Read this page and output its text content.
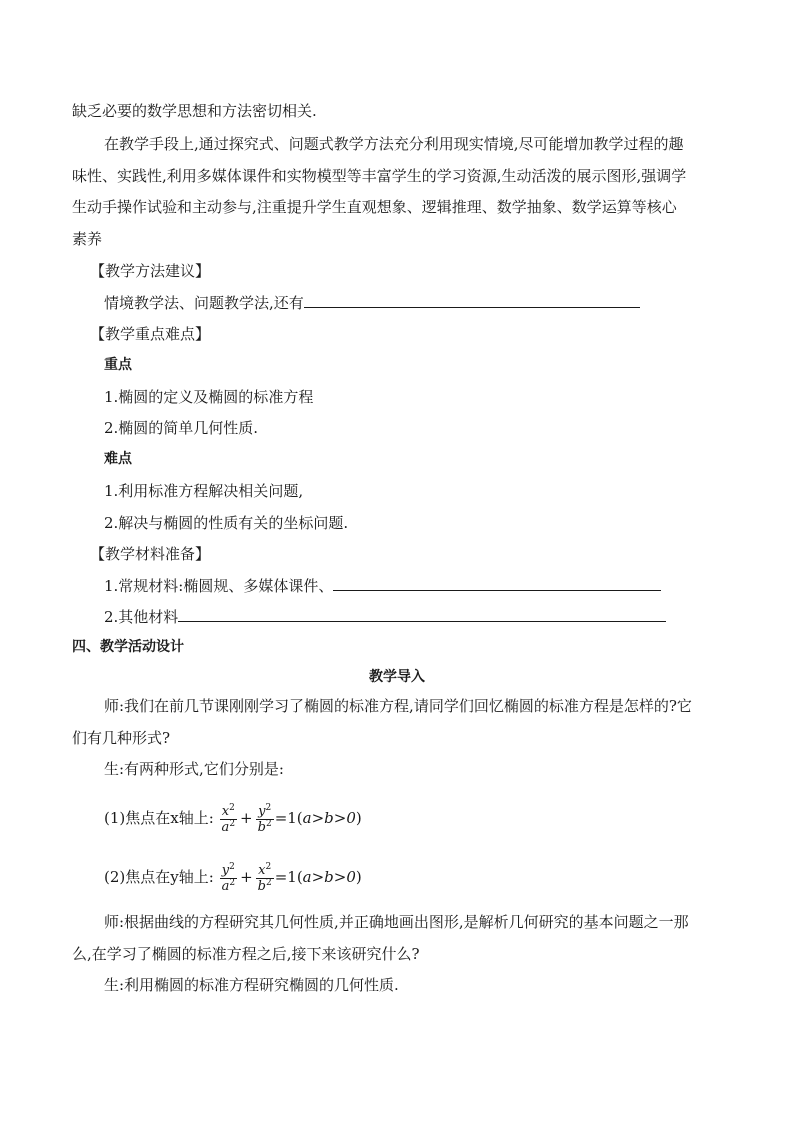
缺乏必要的数学思想和方法密切相关.
在教学手段上,通过探究式、问题式教学方法充分利用现实情境,尽可能增加教学过程的趣
味性、实践性,利用多媒体课件和实物模型等丰富学生的学习资源,生动活泼的展示图形,强调学
生动手操作试验和主动参与,注重提升学生直观想象、逻辑推理、数学抽象、数学运算等核心
素养
【教学方法建议】
情境教学法、问题教学法,还有
【教学重点难点】
重点
1.椭圆的定义及椭圆的标准方程
2.椭圆的简单几何性质.
难点
1.利用标准方程解决相关问题,
2.解决与椭圆的性质有关的坐标问题.
【教学材料准备】
1.常规材料:椭圆规、多媒体课件、
2.其他材料
四、教学活动设计
教学导入
师:我们在前几节课刚刚学习了椭圆的标准方程,请同学们回忆椭圆的标准方程是怎样的?它
们有几种形式?
生:有两种形式,它们分别是:
(1)焦点在x轴上: $\frac{x^2}{a^2} + \frac{y^2}{b^2} =1(a>b>0)$
(2)焦点在y轴上: $\frac{y^2}{a^2} + \frac{x^2}{b^2} =1(a>b>0)$
师:根据曲线的方程研究其几何性质,并正确地画出图形,是解析几何研究的基本问题之一那
么,在学习了椭圆的标准方程之后,接下来该研究什么?
生:利用椭圆的标准方程研究椭圆的几何性质.
